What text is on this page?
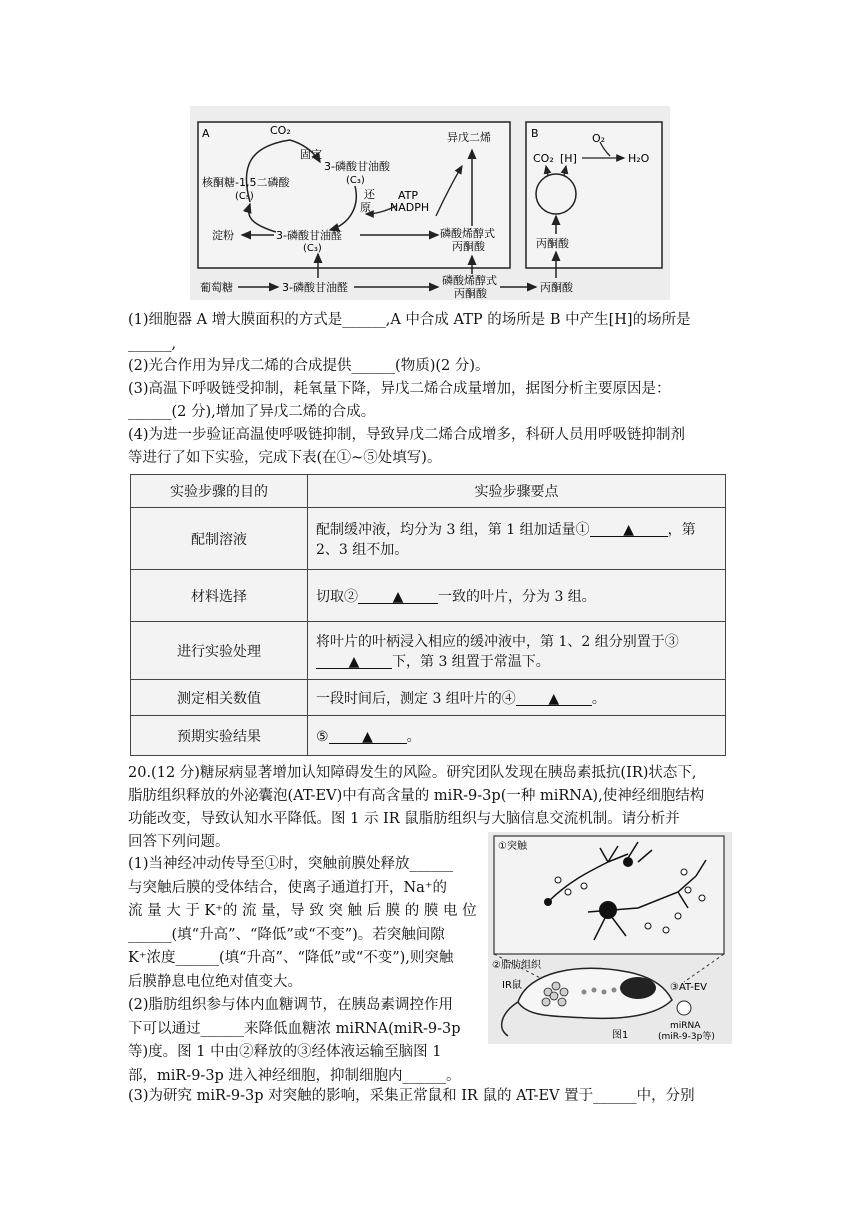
A	B
CO₂
固定
3-磷酸甘油酸
(C₃)
还
原
ATP
NADPH
核酮糖-1,5二磷酸
(C₅)
淀粉	3-磷酸甘油醛
(C₃)
异戊二烯
磷酸烯醇式
丙酮酸
葡萄糖	3-磷酸甘油醛
磷酸烯醇式
丙酮酸	丙酮酸
丙酮酸
CO₂ [H]
O₂
H₂O
(1)细胞器 A 增大膜面积的方式是______,A 中合成 ATP 的场所是 B 中产生[H]的场所是
______,
(2)光合作用为异戊二烯的合成提供______(物质)(2 分)。
(3)高温下呼吸链受抑制，耗氧量下降，异戊二烯合成量增加，据图分析主要原因是：
______(2 分),增加了异戊二烯的合成。
(4)为进一步验证高温使呼吸链抑制，导致异戊二烯合成增多，科研人员用呼吸链抑制剂
等进行了如下实验，完成下表(在①~⑤处填写)。
实验步骤的目的	实验步骤要点
配制溶液	配制缓冲液，均分为 3 组，第 1 组加适量① ▲ ，第
2、3 组不加。
材料选择	切取② ▲ 一致的叶片，分为 3 组。
进行实验处理	将叶片的叶柄浸入相应的缓冲液中，第 1、2 组分别置于③
▲ 下，第 3 组置于常温下。
测定相关数值	一段时间后，测定 3 组叶片的④ ▲ 。
预期实验结果	⑤ ▲ 。
20.(12 分)糖尿病显著增加认知障碍发生的风险。研究团队发现在胰岛素抵抗(IR)状态下,
脂肪组织释放的外泌囊泡(AT-EV)中有高含量的 miR-9-3p(一种 miRNA),使神经细胞结构
功能改变，导致认知水平降低。图 1 示 IR 鼠脂肪组织与大脑信息交流机制。请分析并
回答下列问题。
(1)当神经冲动传导至①时，突触前膜处释放______
与突触后膜的受体结合，使离子通道打开，Na⁺的
流 量 大 于 K⁺的 流 量，导 致 突 触 后 膜 的 膜 电 位
______(填“升高”、“降低”或“不变”)。若突触间隙
K⁺浓度______(填“升高”、“降低”或“不变”),则突触
后膜静息电位绝对值变大。
(2)脂肪组织参与体内血糖调节，在胰岛素调控作用
下可以通过______来降低血糖浓 miRNA(miR-9-3p
等)度。图 1 中由②释放的③经体液运输至脑图 1
部，miR-9-3p 进入神经细胞，抑制细胞内______。
①突触
②脂肪组织
IR鼠	③AT-EV
miRNA
(miR-9-3p等)
图1
(3)为研究 miR-9-3p 对突触的影响，采集正常鼠和 IR 鼠的 AT-EV 置于______中，分别
